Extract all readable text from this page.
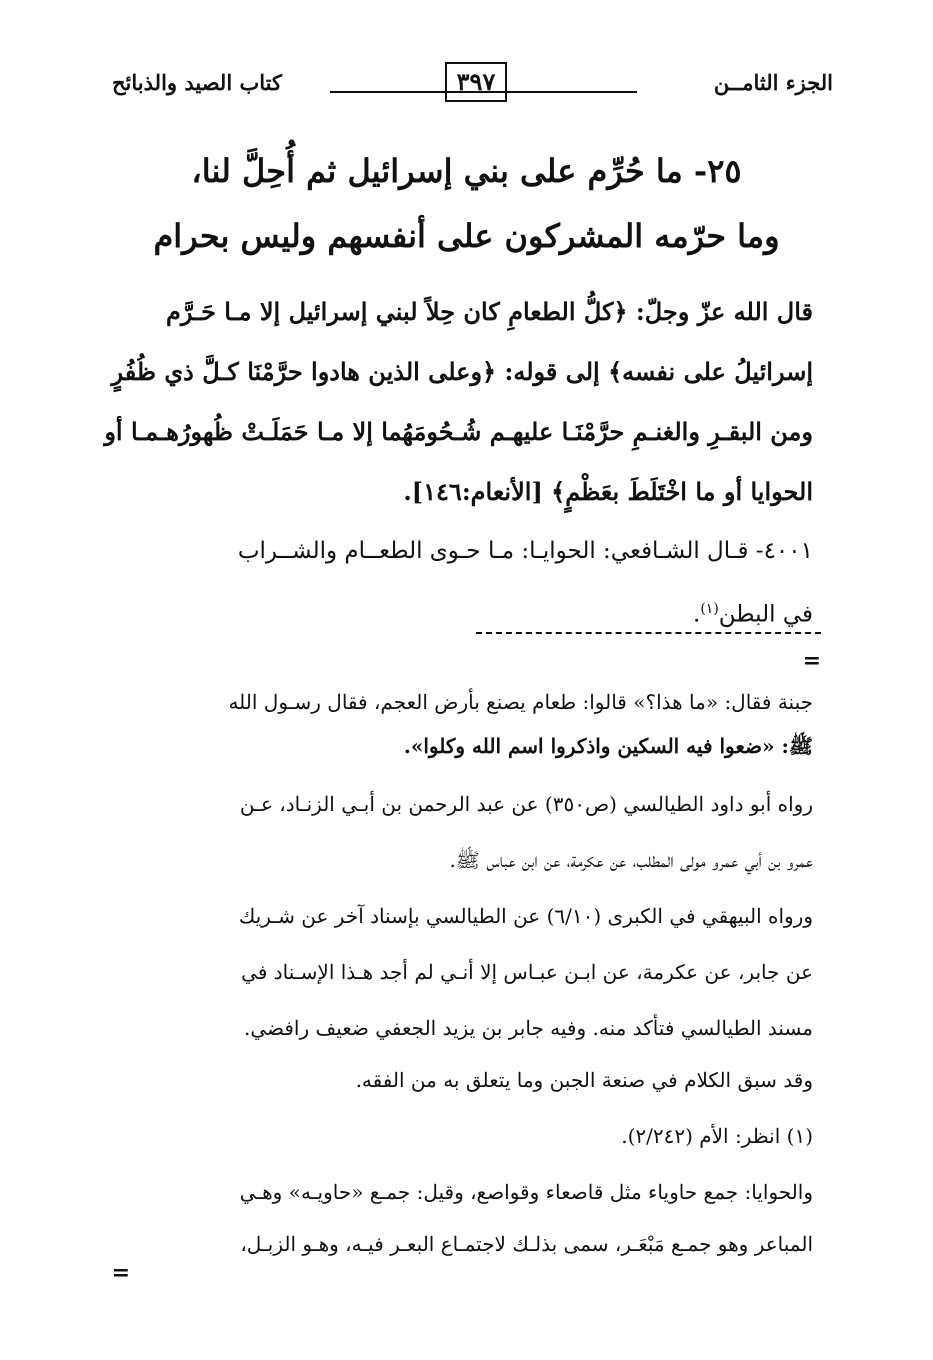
الجزء الثامــن
٣٩٧
كتاب الصيد والذبائح
٢٥- ما حُرِّم على بني إسرائيل ثم أُحِلَّ لنا،
وما حرّمه المشركون على أنفسهم وليس بحرام
قال الله عزّ وجلّ: ﴿كلُّ الطعامِ كان حِلاً لبني إسرائيل إلا مـا حَـرَّم
إسرائيلُ على نفسه﴾ إلى قوله: ﴿وعلى الذين هادوا حرَّمْنَا كـلَّ ذي ظُفُرٍ
ومن البقـرِ والغنـمِ حرَّمْنَـا عليهـم شُـحُومَهُما إلا مـا حَمَلَـتْ ظُهورُهـمـا أو
الحوايا أو ما اخْتَلَطَ بعَظْمٍ﴾ [الأنعام:١٤٦].
٤٠٠١- قـال الشـافعي: الحوايـا: مـا حـوى الطعــام والشــراب
في البطن$^{(١)}$.
=
جبنة فقال: «ما هذا؟» قالوا: طعام يصنع بأرض العجم، فقال رسـول الله
ﷺ: «ضعوا فيه السكين واذكروا اسم الله وكلوا».
رواه أبو داود الطيالسي (ص٣٥٠) عن عبد الرحمن بن أبـي الزنـاد، عـن
عمرو بن أبي عمرو مولى المطلب، عن عكرمة، عن ابن عباس ﷺ.
ورواه البيهقي في الكبرى (٦/١٠) عن الطيالسي بإسناد آخر عن شـريك
عن جابر، عن عكرمة، عن ابـن عبـاس إلا أنـي لم أجد هـذا الإسـناد في
مسند الطيالسي فتأكد منه. وفيه جابر بن يزيد الجعفي ضعيف رافضي.
وقد سبق الكلام في صنعة الجبن وما يتعلق به من الفقه.
(١) انظر: الأم (٢/٢٤٢).
والحوايا: جمع حاوياء مثل قاصعاء وقواصع، وقيل: جمـع «حاويـه» وهـي
المباعر وهو جمـع مَبْعَـر، سمى بذلـك لاجتمـاع البعـر فيـه، وهـو الزبـل،
=
